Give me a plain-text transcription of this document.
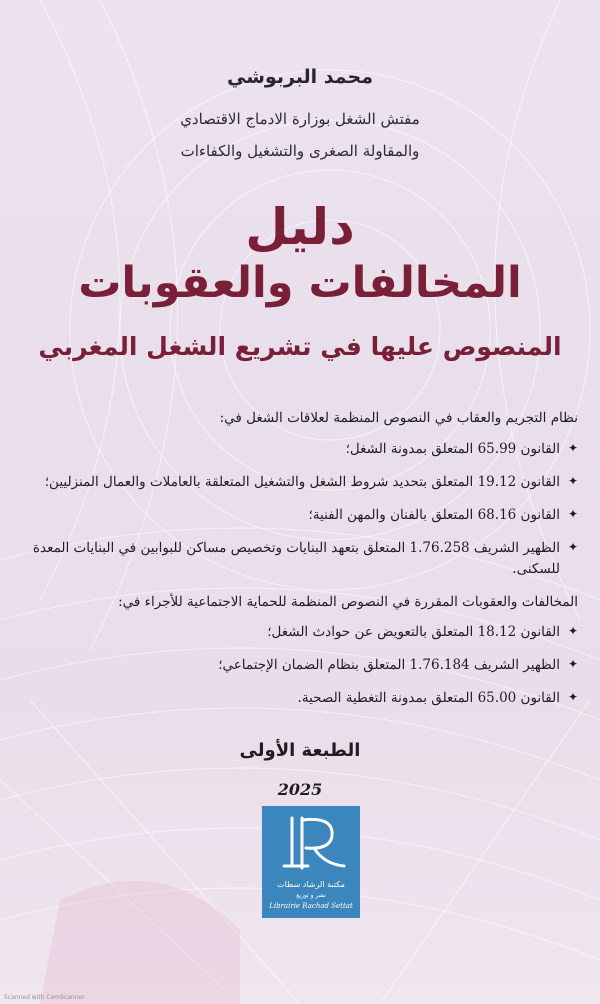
محمد البربوشي
مفتش الشغل بوزارة الادماج الاقتصادي
والمقاولة الصغرى والتشغيل والكفاءات
دليل
المخالفات والعقوبات
المنصوص عليها في تشريع الشغل المغربي
نظام التجريم والعقاب في النصوص المنظمة لعلاقات الشغل في:
✦
القانون 65.99 المتعلق بمدونة الشغل؛
✦
القانون 19.12 المتعلق بتحديد شروط الشغل والتشغيل المتعلقة بالعاملات والعمال المنزليين؛
✦
القانون 68.16 المتعلق بالفنان والمهن الفنية؛
✦
الظهير الشريف 1.76.258 المتعلق بتعهد البنايات وتخصيص مساكن للبوابين في البنايات المعدة للسكنى.
المخالفات والعقوبات المقررة في النصوص المنظمة للحماية الاجتماعية للأجراء في:
✦
القانون 18.12 المتعلق بالتعويض عن حوادث الشغل؛
✦
الظهير الشريف 1.76.184 المتعلق بنظام الضمان الإجتماعي؛
✦
القانون 65.00 المتعلق بمدونة التغطية الصحية.
الطبعة الأولى
2025
مكتبة الرشاد سطات
نشر و توزيع
Librairie Rachad Settat
Scanned with CamScanner
